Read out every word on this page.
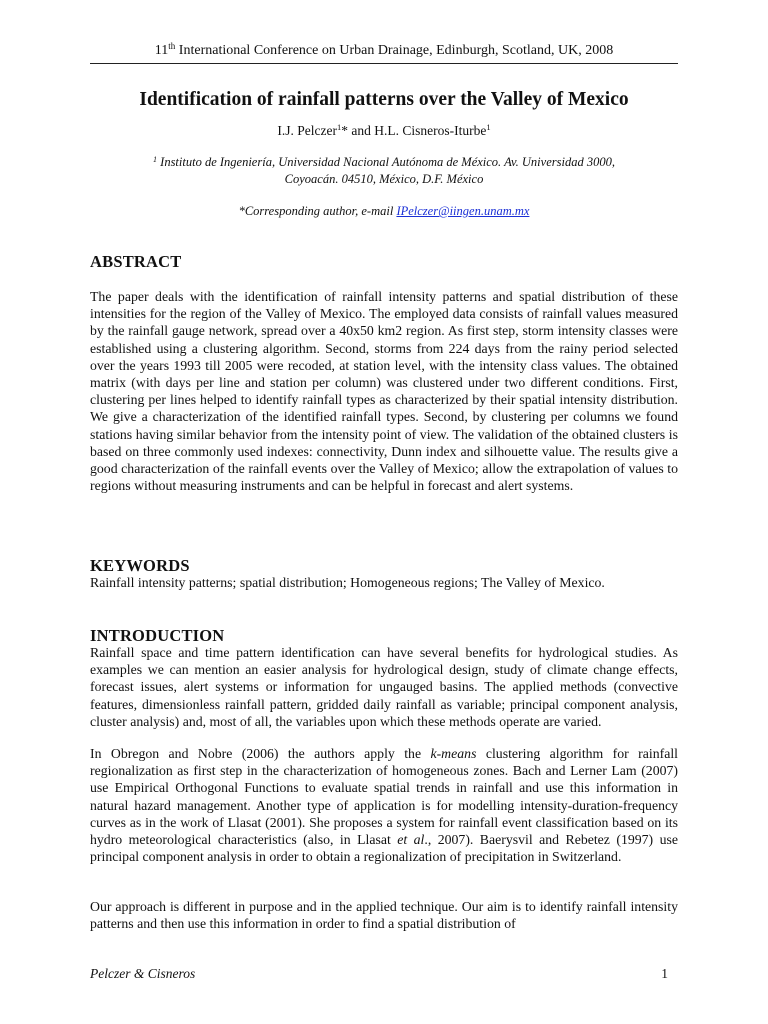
11th International Conference on Urban Drainage, Edinburgh, Scotland, UK, 2008
Identification of rainfall patterns over the Valley of Mexico
I.J. Pelczer$^1$* and H.L. Cisneros-Iturbe$^1$
$^1$ Instituto de Ingeniería, Universidad Nacional Autónoma de México. Av. Universidad 3000,
Coyoacán. 04510, México, D.F. México
*Corresponding author, e-mail IPelczer@iingen.unam.mx
ABSTRACT

The paper deals with the identification of rainfall intensity patterns and spatial distribution of these intensities for the region of the Valley of Mexico. The employed data consists of rainfall values measured by the rainfall gauge network, spread over a 40x50 km2 region. As first step, storm intensity classes were established using a clustering algorithm. Second, storms from 224 days from the rainy period selected over the years 1993 till 2005 were recoded, at station level, with the intensity class values. The obtained matrix (with days per line and station per column) was clustered under two different conditions. First, clustering per lines helped to identify rainfall types as characterized by their spatial intensity distribution. We give a characterization of the identified rainfall types. Second, by clustering per columns we found stations having similar behavior from the intensity point of view. The validation of the obtained clusters is based on three commonly used indexes: connectivity, Dunn index and silhouette value. The results give a good characterization of the rainfall events over the Valley of Mexico; allow the extrapolation of values to regions without measuring instruments and can be helpful in forecast and alert systems.

KEYWORDS

Rainfall intensity patterns; spatial distribution; Homogeneous regions; The Valley of Mexico.

INTRODUCTION

Rainfall space and time pattern identification can have several benefits for hydrological studies. As examples we can mention an easier analysis for hydrological design, study of climate change effects, forecast issues, alert systems or information for ungauged basins. The applied methods (convective features, dimensionless rainfall pattern, gridded daily rainfall as variable; principal component analysis, cluster analysis) and, most of all, the variables upon which these methods operate are varied.

In Obregon and Nobre (2006) the authors apply the k-means clustering algorithm for rainfall regionalization as first step in the characterization of homogeneous zones. Bach and Lerner Lam (2007) use Empirical Orthogonal Functions to evaluate spatial trends in rainfall and use this information in natural hazard management. Another type of application is for modelling intensity-duration-frequency curves as in the work of Llasat (2001). She proposes a system for rainfall event classification based on its hydro meteorological characteristics (also, in Llasat et al., 2007). Baerysvil and Rebetez (1997) use principal component analysis in order to obtain a regionalization of precipitation in Switzerland.

Our approach is different in purpose and in the applied technique. Our aim is to identify rainfall intensity patterns and then use this information in order to find a spatial distribution of

Pelczer & Cisneros	1
